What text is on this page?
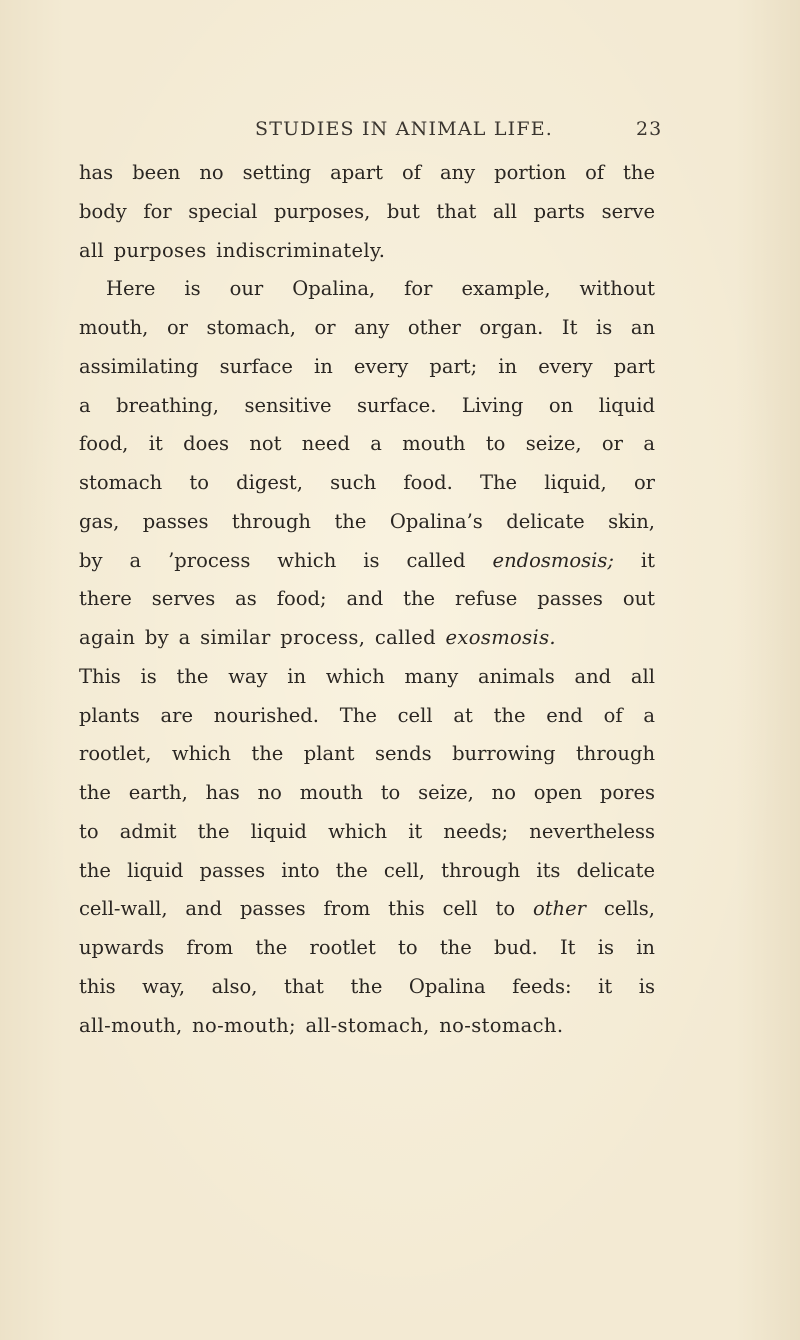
STUDIES IN ANIMAL LIFE.	23
has been no setting apart of any portion of the
body for special purposes, but that all parts serve
all purposes indiscriminately.
Here is our Opalina, for example, without
mouth, or stomach, or any other organ. It is an
assimilating surface in every part; in every part
a breathing, sensitive surface. Living on liquid
food, it does not need a mouth to seize, or a
stomach to digest, such food. The liquid, or
gas, passes through the Opalina’s delicate skin,
by a ’process which is called endosmosis; it
there serves as food; and the refuse passes out
again by a similar process, called exosmosis.
This is the way in which many animals and all
plants are nourished. The cell at the end of a
rootlet, which the plant sends burrowing through
the earth, has no mouth to seize, no open pores
to admit the liquid which it needs; nevertheless
the liquid passes into the cell, through its delicate
cell-wall, and passes from this cell to other cells,
upwards from the rootlet to the bud. It is in
this way, also, that the Opalina feeds: it is
all-mouth, no-mouth; all-stomach, no-stomach.
